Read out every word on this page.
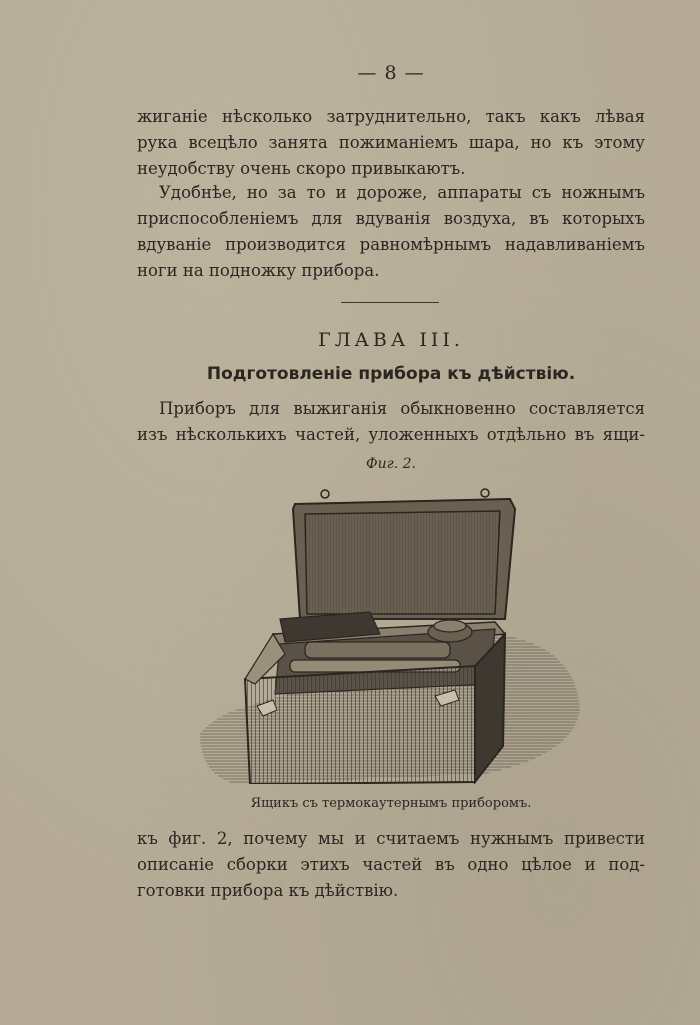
— 8 —
жиганіе нѣсколько затруднительно, такъ какъ лѣвая
рука всецѣло занята пожиманіемъ шара, но къ этому
неудобству очень скоро привыкаютъ.
Удобнѣе, но за то и дороже, аппараты съ ножнымъ
приспособленіемъ для вдуванія воздуха, въ которыхъ
вдуваніе производится равномѣрнымъ надавливаніемъ
ноги на подножку прибора.
ГЛАВА III.
Подготовленіе прибора къ дѣйствію.
Приборъ для выжиганія обыкновенно составляется
изъ нѣсколькихъ частей, уложенныхъ отдѣльно въ ящи-
Фиг. 2.
Ящикъ съ термокаутернымъ приборомъ.
къ фиг. 2, почему мы и считаемъ нужнымъ привести
описаніе сборки этихъ частей въ одно цѣлое и под-
готовки прибора къ дѣйствію.
